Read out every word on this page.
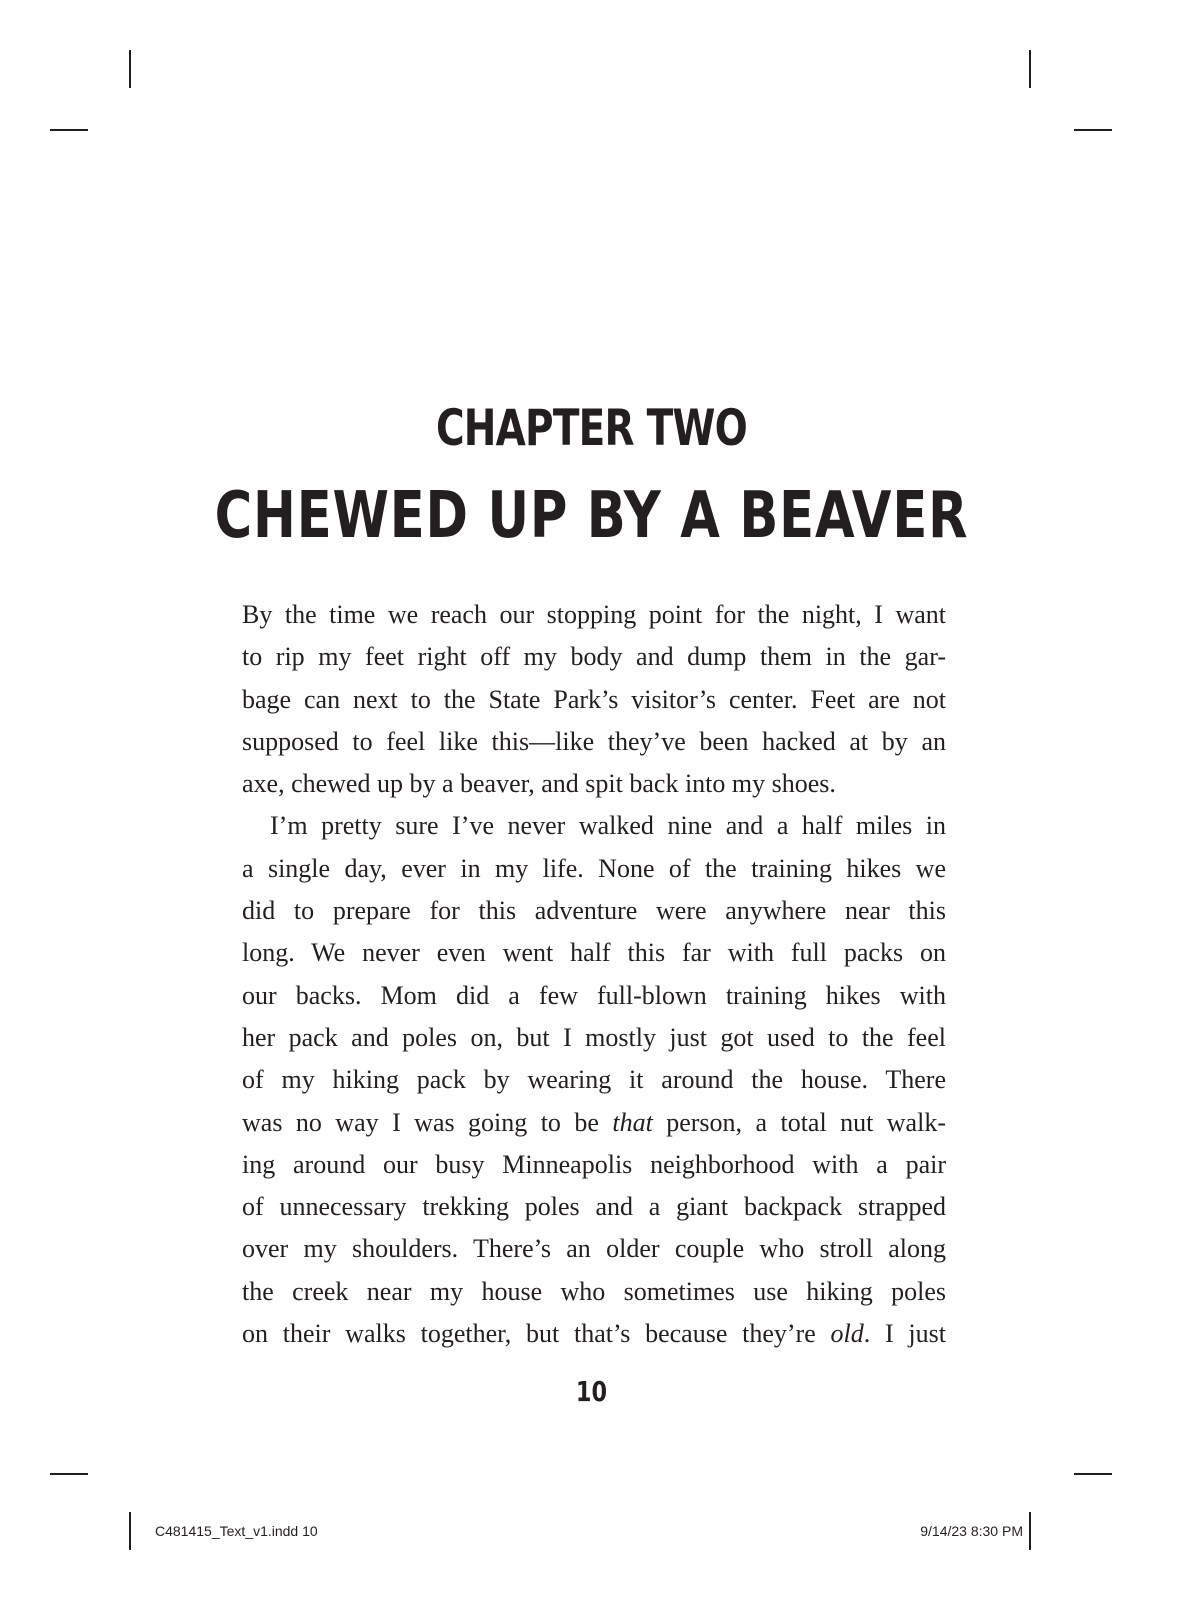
CHAPTER TWO
CHEWED UP BY A BEAVER

By the time we reach our stopping point for the night, I want
to rip my feet right off my body and dump them in the gar-
bage can next to the State Park’s visitor’s center. Feet are not
supposed to feel like this—like they’ve been hacked at by an
axe, chewed up by a beaver, and spit back into my shoes.

I’m pretty sure I’ve never walked nine and a half miles in
a single day, ever in my life. None of the training hikes we
did to prepare for this adventure were anywhere near this
long. We never even went half this far with full packs on
our backs. Mom did a few full-blown training hikes with
her pack and poles on, but I mostly just got used to the feel
of my hiking pack by wearing it around the house. There
was no way I was going to be that person, a total nut walk-
ing around our busy Minneapolis neighborhood with a pair
of unnecessary trekking poles and a giant backpack strapped
over my shoulders. There’s an older couple who stroll along
the creek near my house who sometimes use hiking poles
on their walks together, but that’s because they’re old. I just

10
C481415_Text_v1.indd 10	9/14/23 8:30 PM
